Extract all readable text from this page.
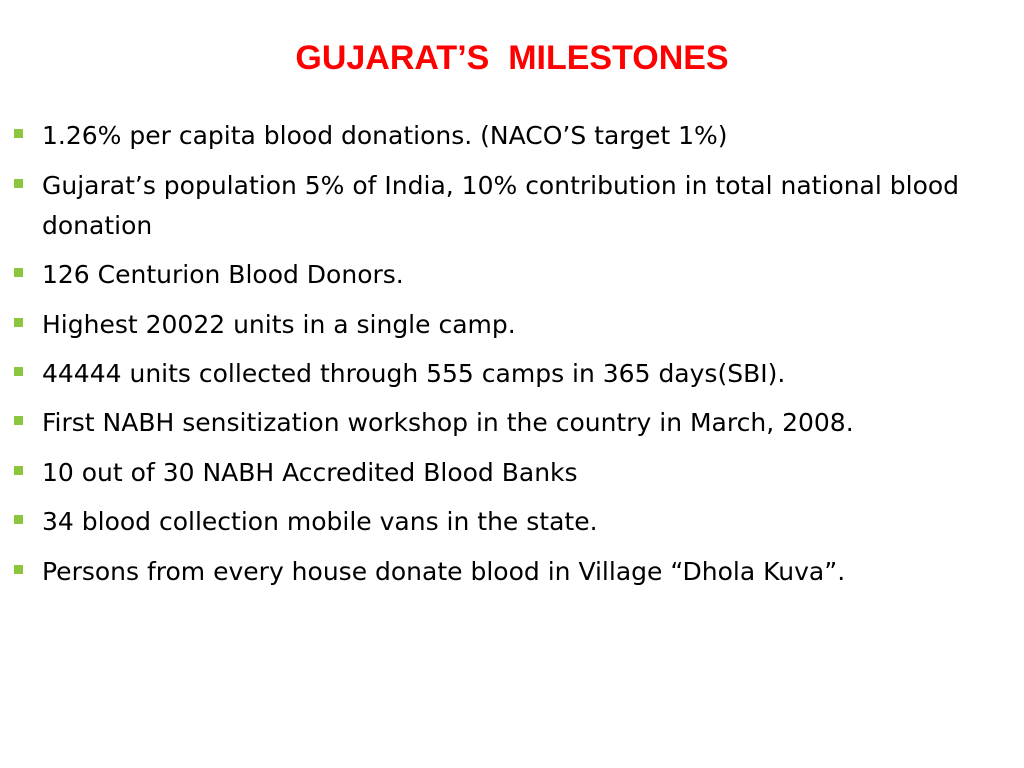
GUJARAT’S  MILESTONES
1.26% per capita blood donations. (NACO’S target 1%)
Gujarat’s population 5% of India, 10% contribution in total national blood donation
126 Centurion Blood Donors.
Highest 20022 units in a single camp.
44444 units collected through 555 camps in 365 days(SBI).
First NABH sensitization workshop in the country in March, 2008.
10 out of 30 NABH Accredited Blood Banks
34 blood collection mobile vans in the state.
Persons from every house donate blood in Village “Dhola Kuva”.
